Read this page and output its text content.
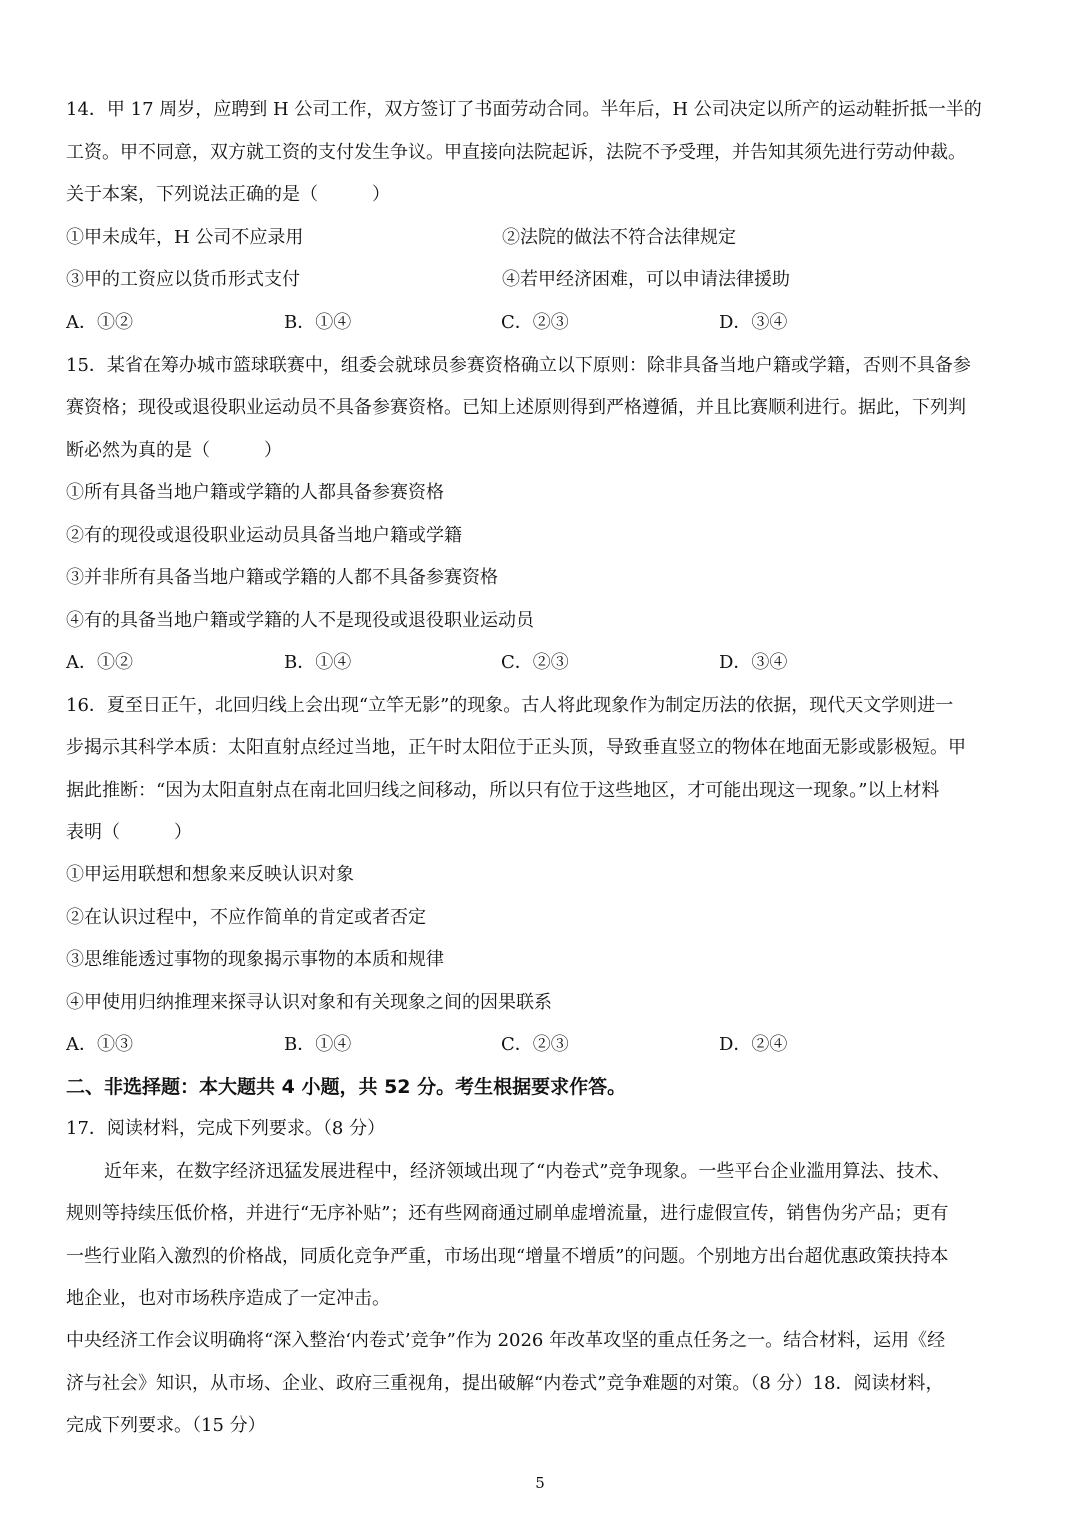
14．甲 17 周岁，应聘到 H 公司工作，双方签订了书面劳动合同。半年后，H 公司决定以所产的运动鞋折抵一半的
工资。甲不同意，双方就工资的支付发生争议。甲直接向法院起诉，法院不予受理，并告知其须先进行劳动仲裁。
关于本案，下列说法正确的是（　　　）
①甲未成年，H 公司不应录用	②法院的做法不符合法律规定
③甲的工资应以货币形式支付	④若甲经济困难，可以申请法律援助
A．①②	B．①④	C．②③	D．③④
15．某省在筹办城市篮球联赛中，组委会就球员参赛资格确立以下原则：除非具备当地户籍或学籍，否则不具备参
赛资格；现役或退役职业运动员不具备参赛资格。已知上述原则得到严格遵循，并且比赛顺利进行。据此，下列判
断必然为真的是（　　　）
①所有具备当地户籍或学籍的人都具备参赛资格
②有的现役或退役职业运动员具备当地户籍或学籍
③并非所有具备当地户籍或学籍的人都不具备参赛资格
④有的具备当地户籍或学籍的人不是现役或退役职业运动员
A．①②	B．①④	C．②③	D．③④
16．夏至日正午，北回归线上会出现“立竿无影”的现象。古人将此现象作为制定历法的依据，现代天文学则进一
步揭示其科学本质：太阳直射点经过当地，正午时太阳位于正头顶，导致垂直竖立的物体在地面无影或影极短。甲
据此推断：“因为太阳直射点在南北回归线之间移动，所以只有位于这些地区，才可能出现这一现象。”以上材料
表明（　　　）
①甲运用联想和想象来反映认识对象
②在认识过程中，不应作简单的肯定或者否定
③思维能透过事物的现象揭示事物的本质和规律
④甲使用归纳推理来探寻认识对象和有关现象之间的因果联系
A．①③	B．①④	C．②③	D．②④
二、非选择题：本大题共 4 小题，共 52 分。考生根据要求作答。
17．阅读材料，完成下列要求。（8 分）
近年来，在数字经济迅猛发展进程中，经济领域出现了“内卷式”竞争现象。一些平台企业滥用算法、技术、
规则等持续压低价格，并进行“无序补贴”；还有些网商通过刷单虚增流量，进行虚假宣传，销售伪劣产品；更有
一些行业陷入激烈的价格战，同质化竞争严重，市场出现“增量不增质”的问题。个别地方出台超优惠政策扶持本
地企业，也对市场秩序造成了一定冲击。
中央经济工作会议明确将“深入整治‘内卷式’竞争”作为 2026 年改革攻坚的重点任务之一。结合材料，运用《经
济与社会》知识，从市场、企业、政府三重视角，提出破解“内卷式”竞争难题的对策。（8 分）18．阅读材料，
完成下列要求。（15 分）
5
